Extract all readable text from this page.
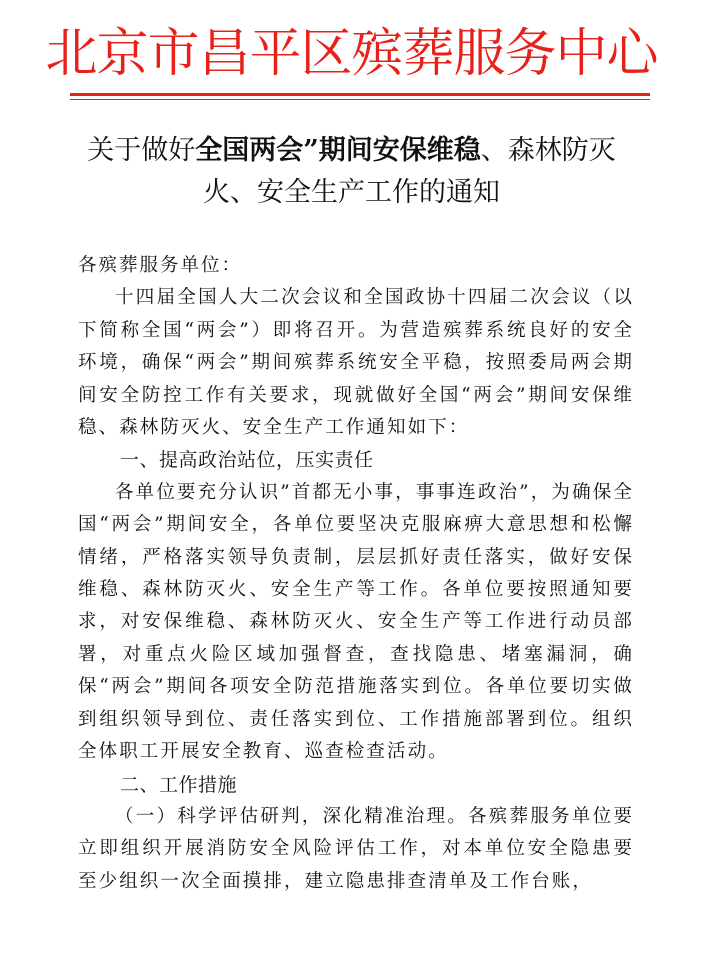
北京市昌平区殡葬服务中心
关于做好全国两会”期间安保维稳、森林防灭
火、安全生产工作的通知

各殡葬服务单位：

十四届全国人大二次会议和全国政协十四届二次会议（以下简称全国“两会”）即将召开。为营造殡葬系统良好的安全环境，确保“两会”期间殡葬系统安全平稳，按照委局两会期间安全防控工作有关要求，现就做好全国“两会”期间安保维稳、森林防灭火、安全生产工作通知如下：

一、提高政治站位，压实责任

各单位要充分认识”首都无小事，事事连政治”，为确保全国“两会”期间安全，各单位要坚决克服麻痹大意思想和松懈情绪，严格落实领导负责制，层层抓好责任落实，做好安保维稳、森林防灭火、安全生产等工作。各单位要按照通知要求，对安保维稳、森林防灭火、安全生产等工作进行动员部署，对重点火险区域加强督查，查找隐患、堵塞漏洞，确保“两会”期间各项安全防范措施落实到位。各单位要切实做到组织领导到位、责任落实到位、工作措施部署到位。组织全体职工开展安全教育、巡查检查活动。

二、工作措施

（一）科学评估研判，深化精准治理。各殡葬服务单位要立即组织开展消防安全风险评估工作，对本单位安全隐患要至少组织一次全面摸排，建立隐患排查清单及工作台账，
